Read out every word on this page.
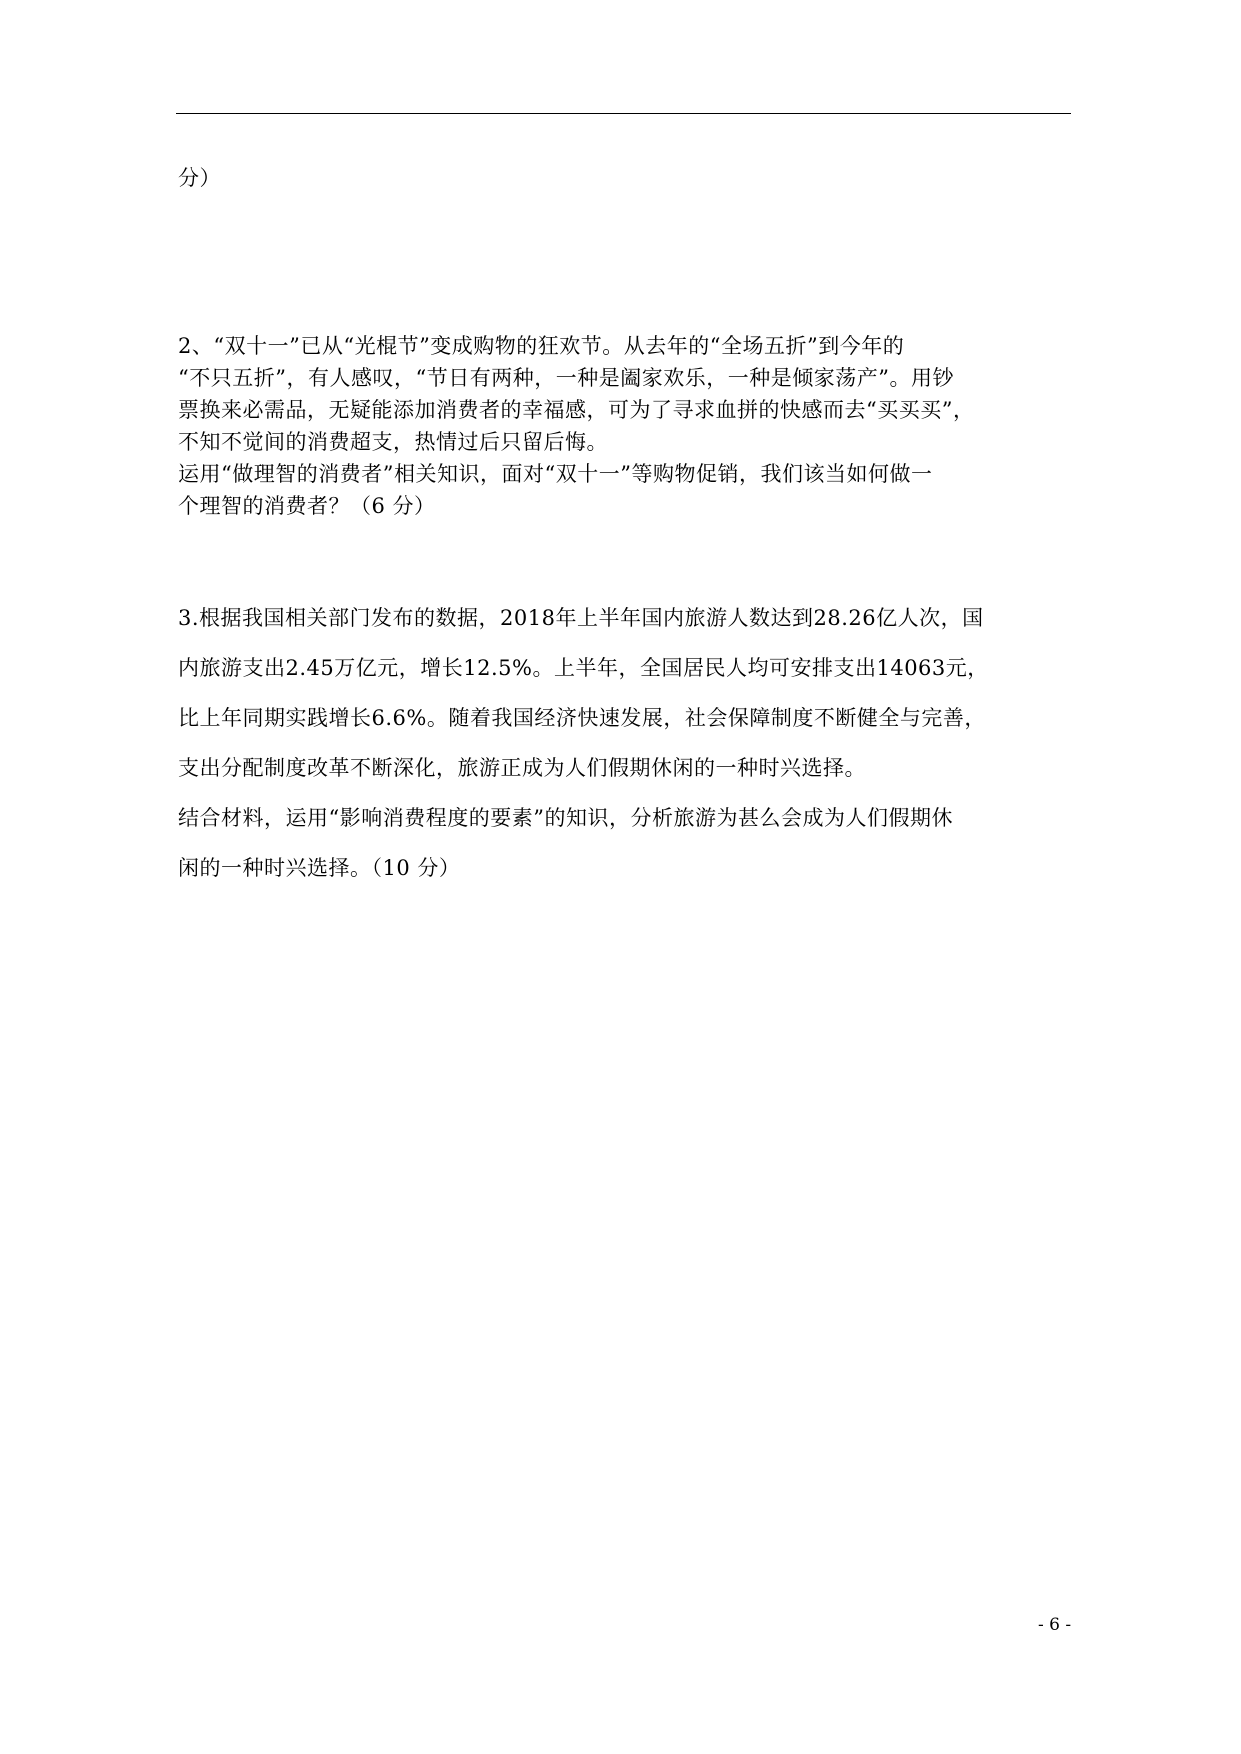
分）
2、“双十一”已从“光棍节”变成购物的狂欢节。从去年的“全场五折”到今年的
“不只五折”，有人感叹，“节日有两种，一种是阖家欢乐，一种是倾家荡产”。用钞
票换来必需品，无疑能添加消费者的幸福感，可为了寻求血拼的快感而去“买买买”，
不知不觉间的消费超支，热情过后只留后悔。
运用“做理智的消费者”相关知识，面对“双十一”等购物促销，我们该当如何做一
个理智的消费者？（6 分）
3.根据我国相关部门发布的数据，2018年上半年国内旅游人数达到28.26亿人次，国
内旅游支出2.45万亿元，增长12.5%。上半年，全国居民人均可安排支出14063元，
比上年同期实践增长6.6%。随着我国经济快速发展，社会保障制度不断健全与完善，
支出分配制度改革不断深化，旅游正成为人们假期休闲的一种时兴选择。
结合材料，运用“影响消费程度的要素”的知识，分析旅游为甚么会成为人们假期休
闲的一种时兴选择。（10 分）
- 6 -
